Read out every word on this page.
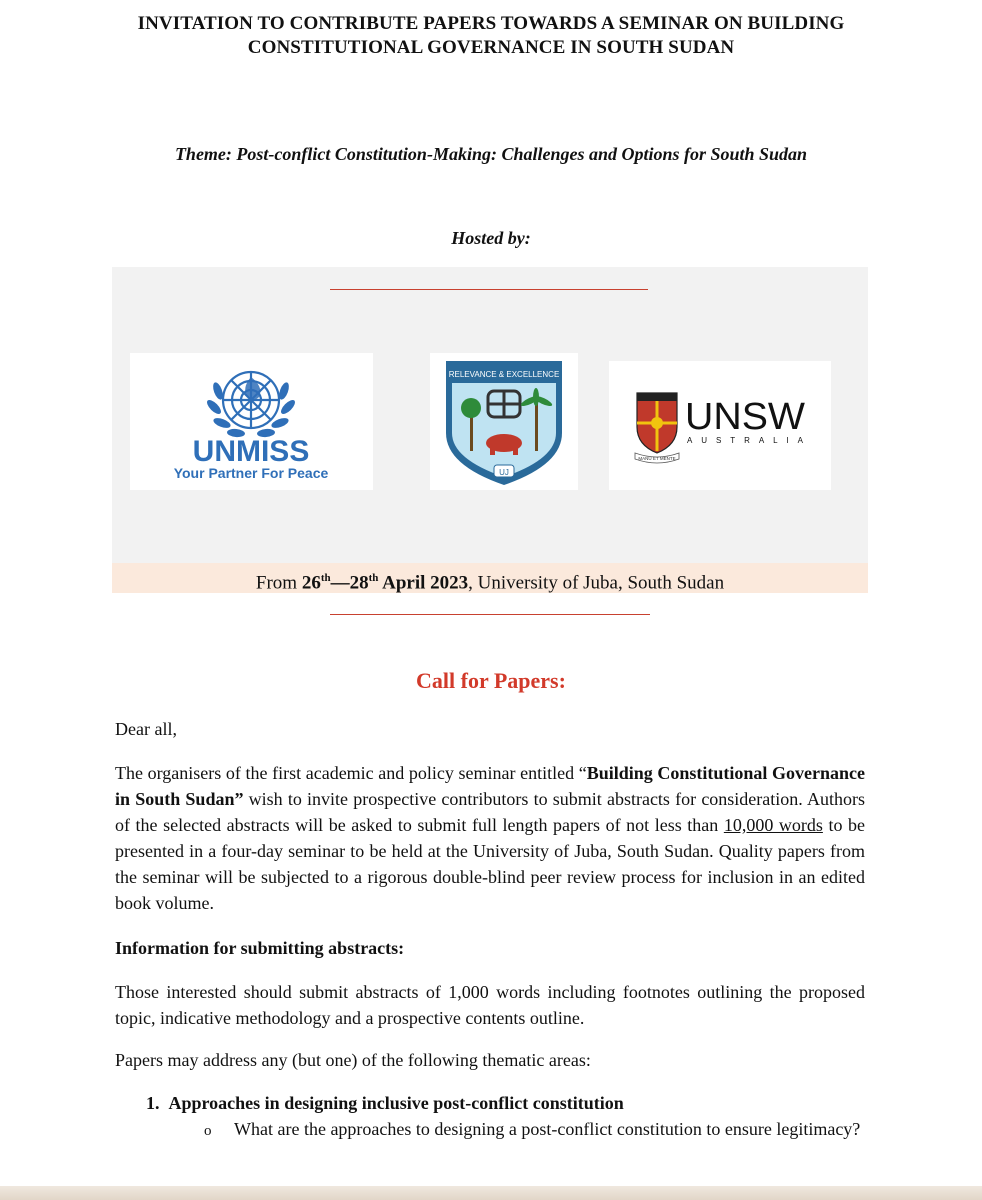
INVITATION TO CONTRIBUTE PAPERS TOWARDS A SEMINAR ON BUILDING
CONSTITUTIONAL GOVERNANCE IN SOUTH SUDAN
Theme: Post-conflict Constitution-Making: Challenges and Options for South Sudan
Hosted by:
UNMISS
Your Partner For Peace
RELEVANCE & EXCELLENCE
UJ
MANU ET MENTE
UNSW
AUSTRALIA
From 26th—28th April 2023, University of Juba, South Sudan
Call for Papers:
Dear all,
The organisers of the first academic and policy seminar entitled “Building Constitutional Governance in South Sudan” wish to invite prospective contributors to submit abstracts for consideration. Authors of the selected abstracts will be asked to submit full length papers of not less than 10,000 words to be presented in a four-day seminar to be held at the University of Juba, South Sudan. Quality papers from the seminar will be subjected to a rigorous double-blind peer review process for inclusion in an edited book volume.
Information for submitting abstracts:
Those interested should submit abstracts of 1,000 words including footnotes outlining the proposed topic, indicative methodology and a prospective contents outline.
Papers may address any (but one) of the following thematic areas:
1. Approaches in designing inclusive post-conflict constitution
o What are the approaches to designing a post-conflict constitution to ensure legitimacy?
